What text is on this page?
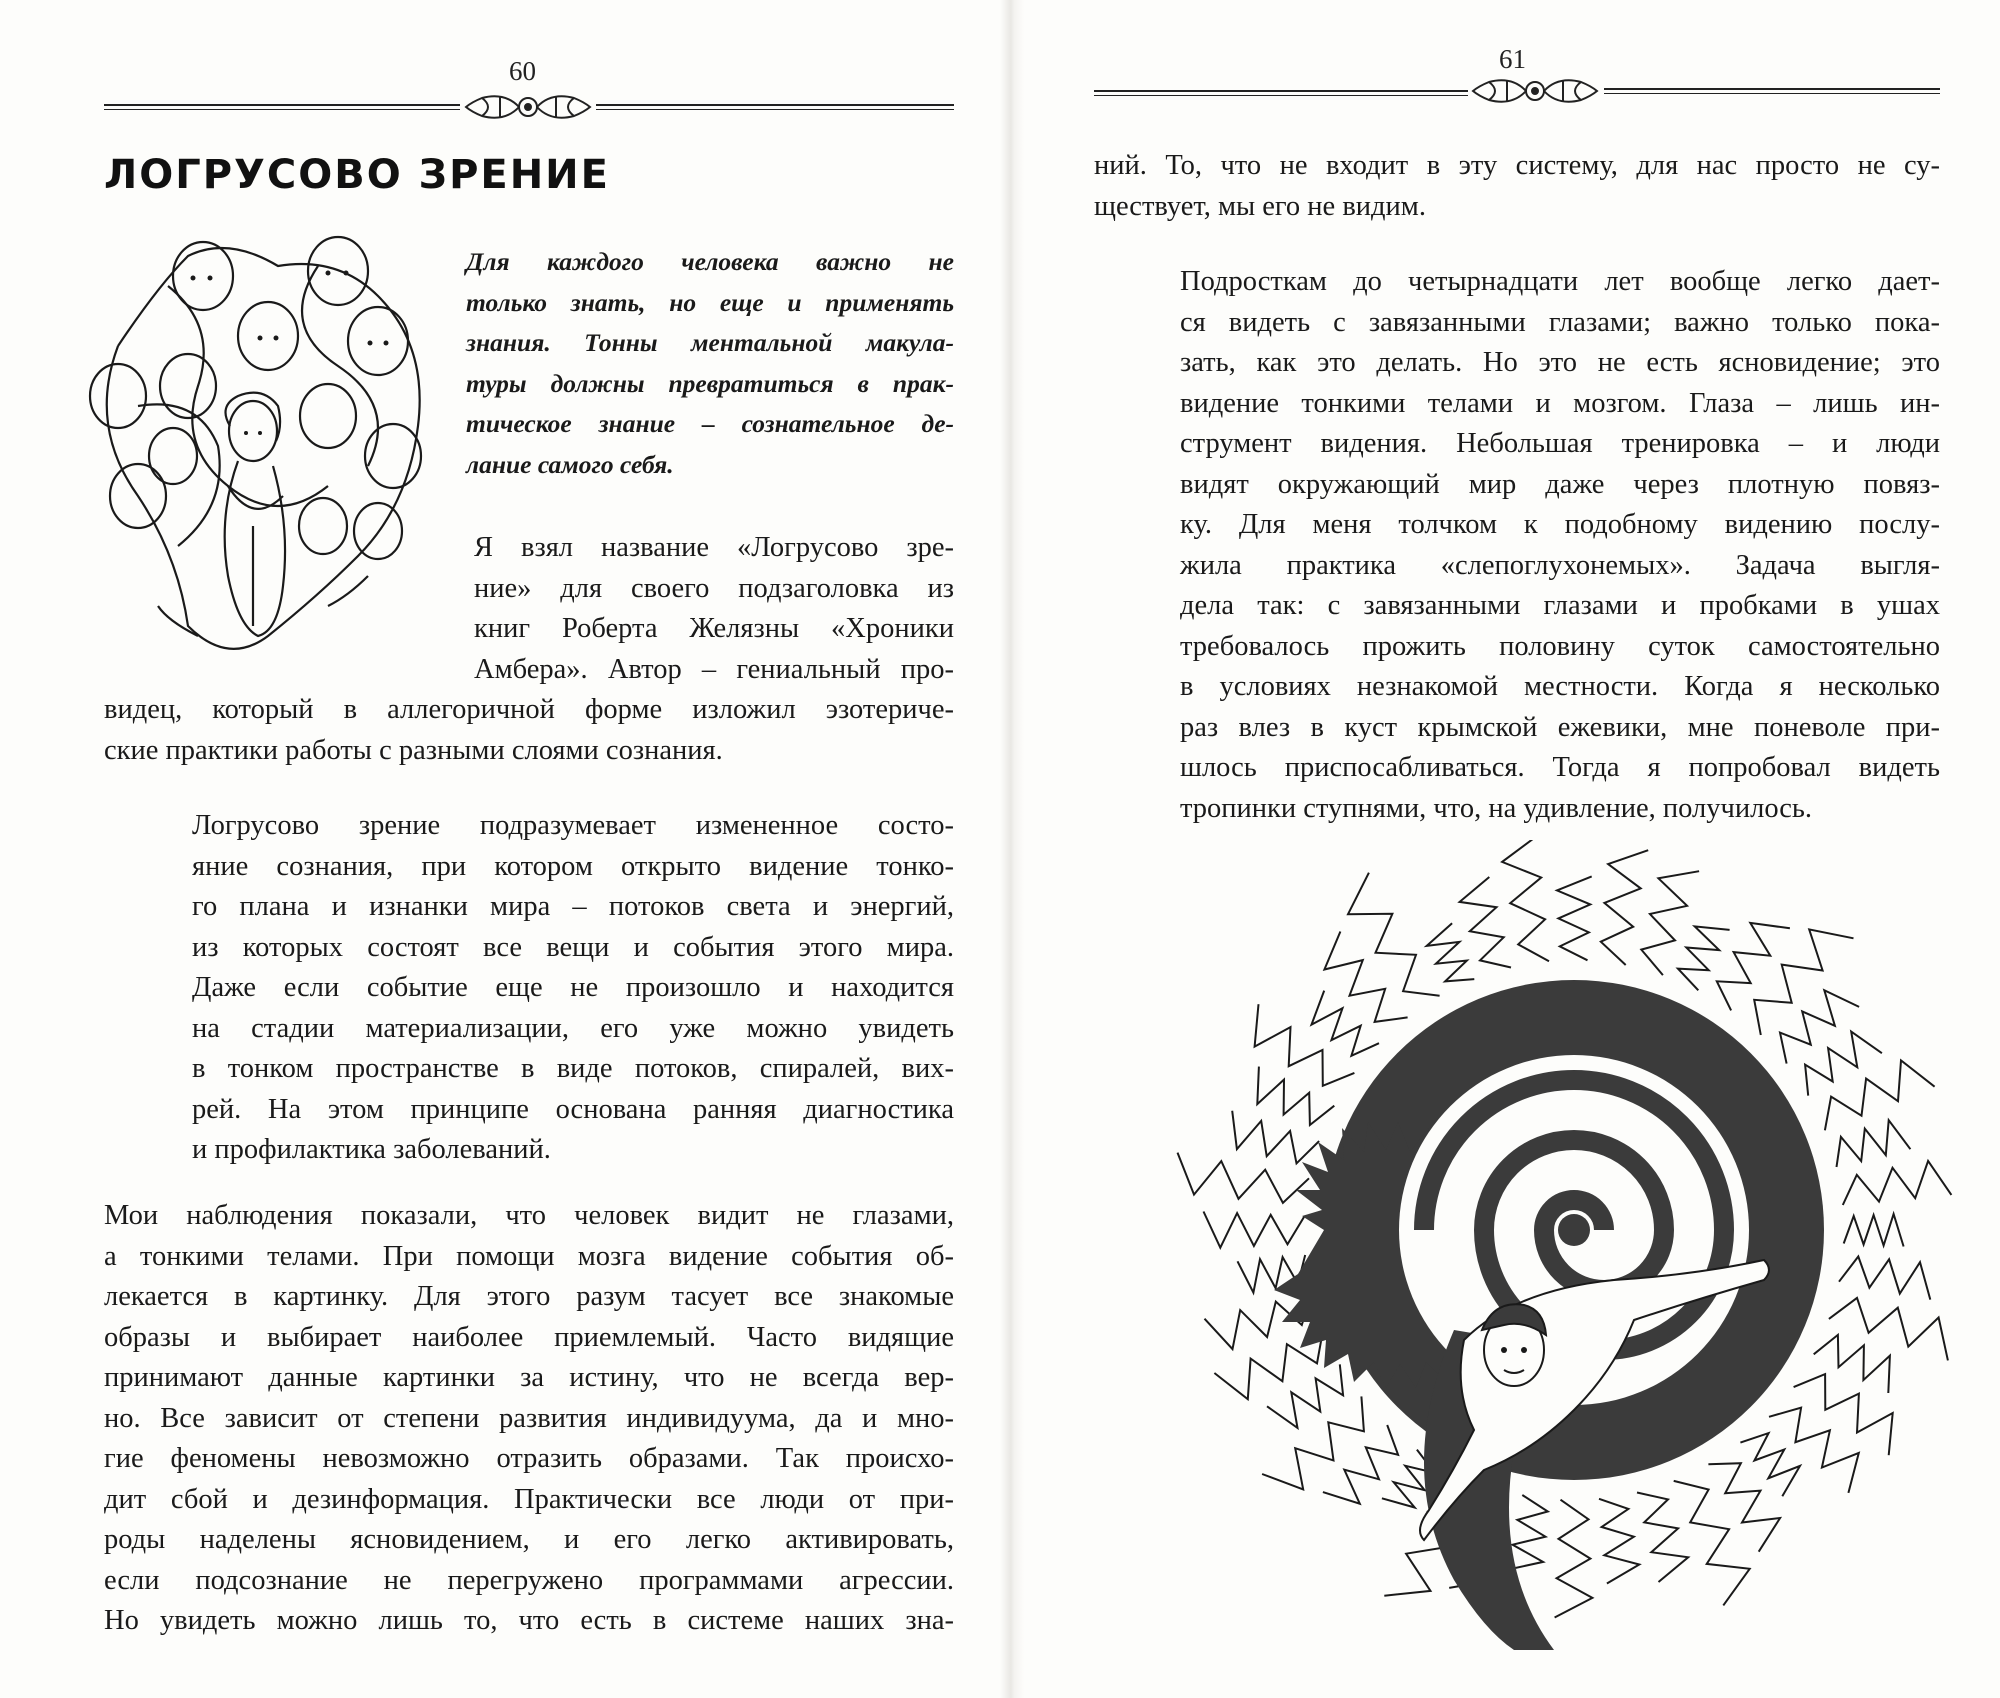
60	61
ЛОГРУСОВО ЗРЕНИЕ
Для каждого человека важно не
только знать, но еще и применять
знания. Тонны ментальной макула-
туры должны превратиться в прак-
тическое знание – сознательное де-
лание самого себя.
Я взял название «Логрусово зре-
ние» для своего подзаголовка из
книг Роберта Желязны «Хроники
Амбера». Автор – гениальный про-
видец, который в аллегоричной форме изложил эзотериче-
ские практики работы с разными слоями сознания.
Логрусово зрение подразумевает измененное состо-
яние сознания, при котором открыто видение тонко-
го плана и изнанки мира – потоков света и энергий,
из которых состоят все вещи и события этого мира.
Даже если событие еще не произошло и находится
на стадии материализации, его уже можно увидеть
в тонком пространстве в виде потоков, спиралей, вих-
рей. На этом принципе основана ранняя диагностика
и профилактика заболеваний.
Мои наблюдения показали, что человек видит не глазами,
а тонкими телами. При помощи мозга видение события об-
лекается в картинку. Для этого разум тасует все знакомые
образы и выбирает наиболее приемлемый. Часто видящие
принимают данные картинки за истину, что не всегда вер-
но. Все зависит от степени развития индивидуума, да и мно-
гие феномены невозможно отразить образами. Так происхо-
дит сбой и дезинформация. Практически все люди от при-
роды наделены ясновидением, и его легко активировать,
если подсознание не перегружено программами агрессии.
Но увидеть можно лишь то, что есть в системе наших зна-
ний. То, что не входит в эту систему, для нас просто не су-
ществует, мы его не видим.
Подросткам до четырнадцати лет вообще легко дает-
ся видеть с завязанными глазами; важно только пока-
зать, как это делать. Но это не есть ясновидение; это
видение тонкими телами и мозгом. Глаза – лишь ин-
струмент видения. Небольшая тренировка – и люди
видят окружающий мир даже через плотную повяз-
ку. Для меня толчком к подобному видению послу-
жила практика «слепоглухонемых». Задача выгля-
дела так: с завязанными глазами и пробками в ушах
требовалось прожить половину суток самостоятельно
в условиях незнакомой местности. Когда я несколько
раз влез в куст крымской ежевики, мне поневоле при-
шлось приспосабливаться. Тогда я попробовал видеть
тропинки ступнями, что, на удивление, получилось.
